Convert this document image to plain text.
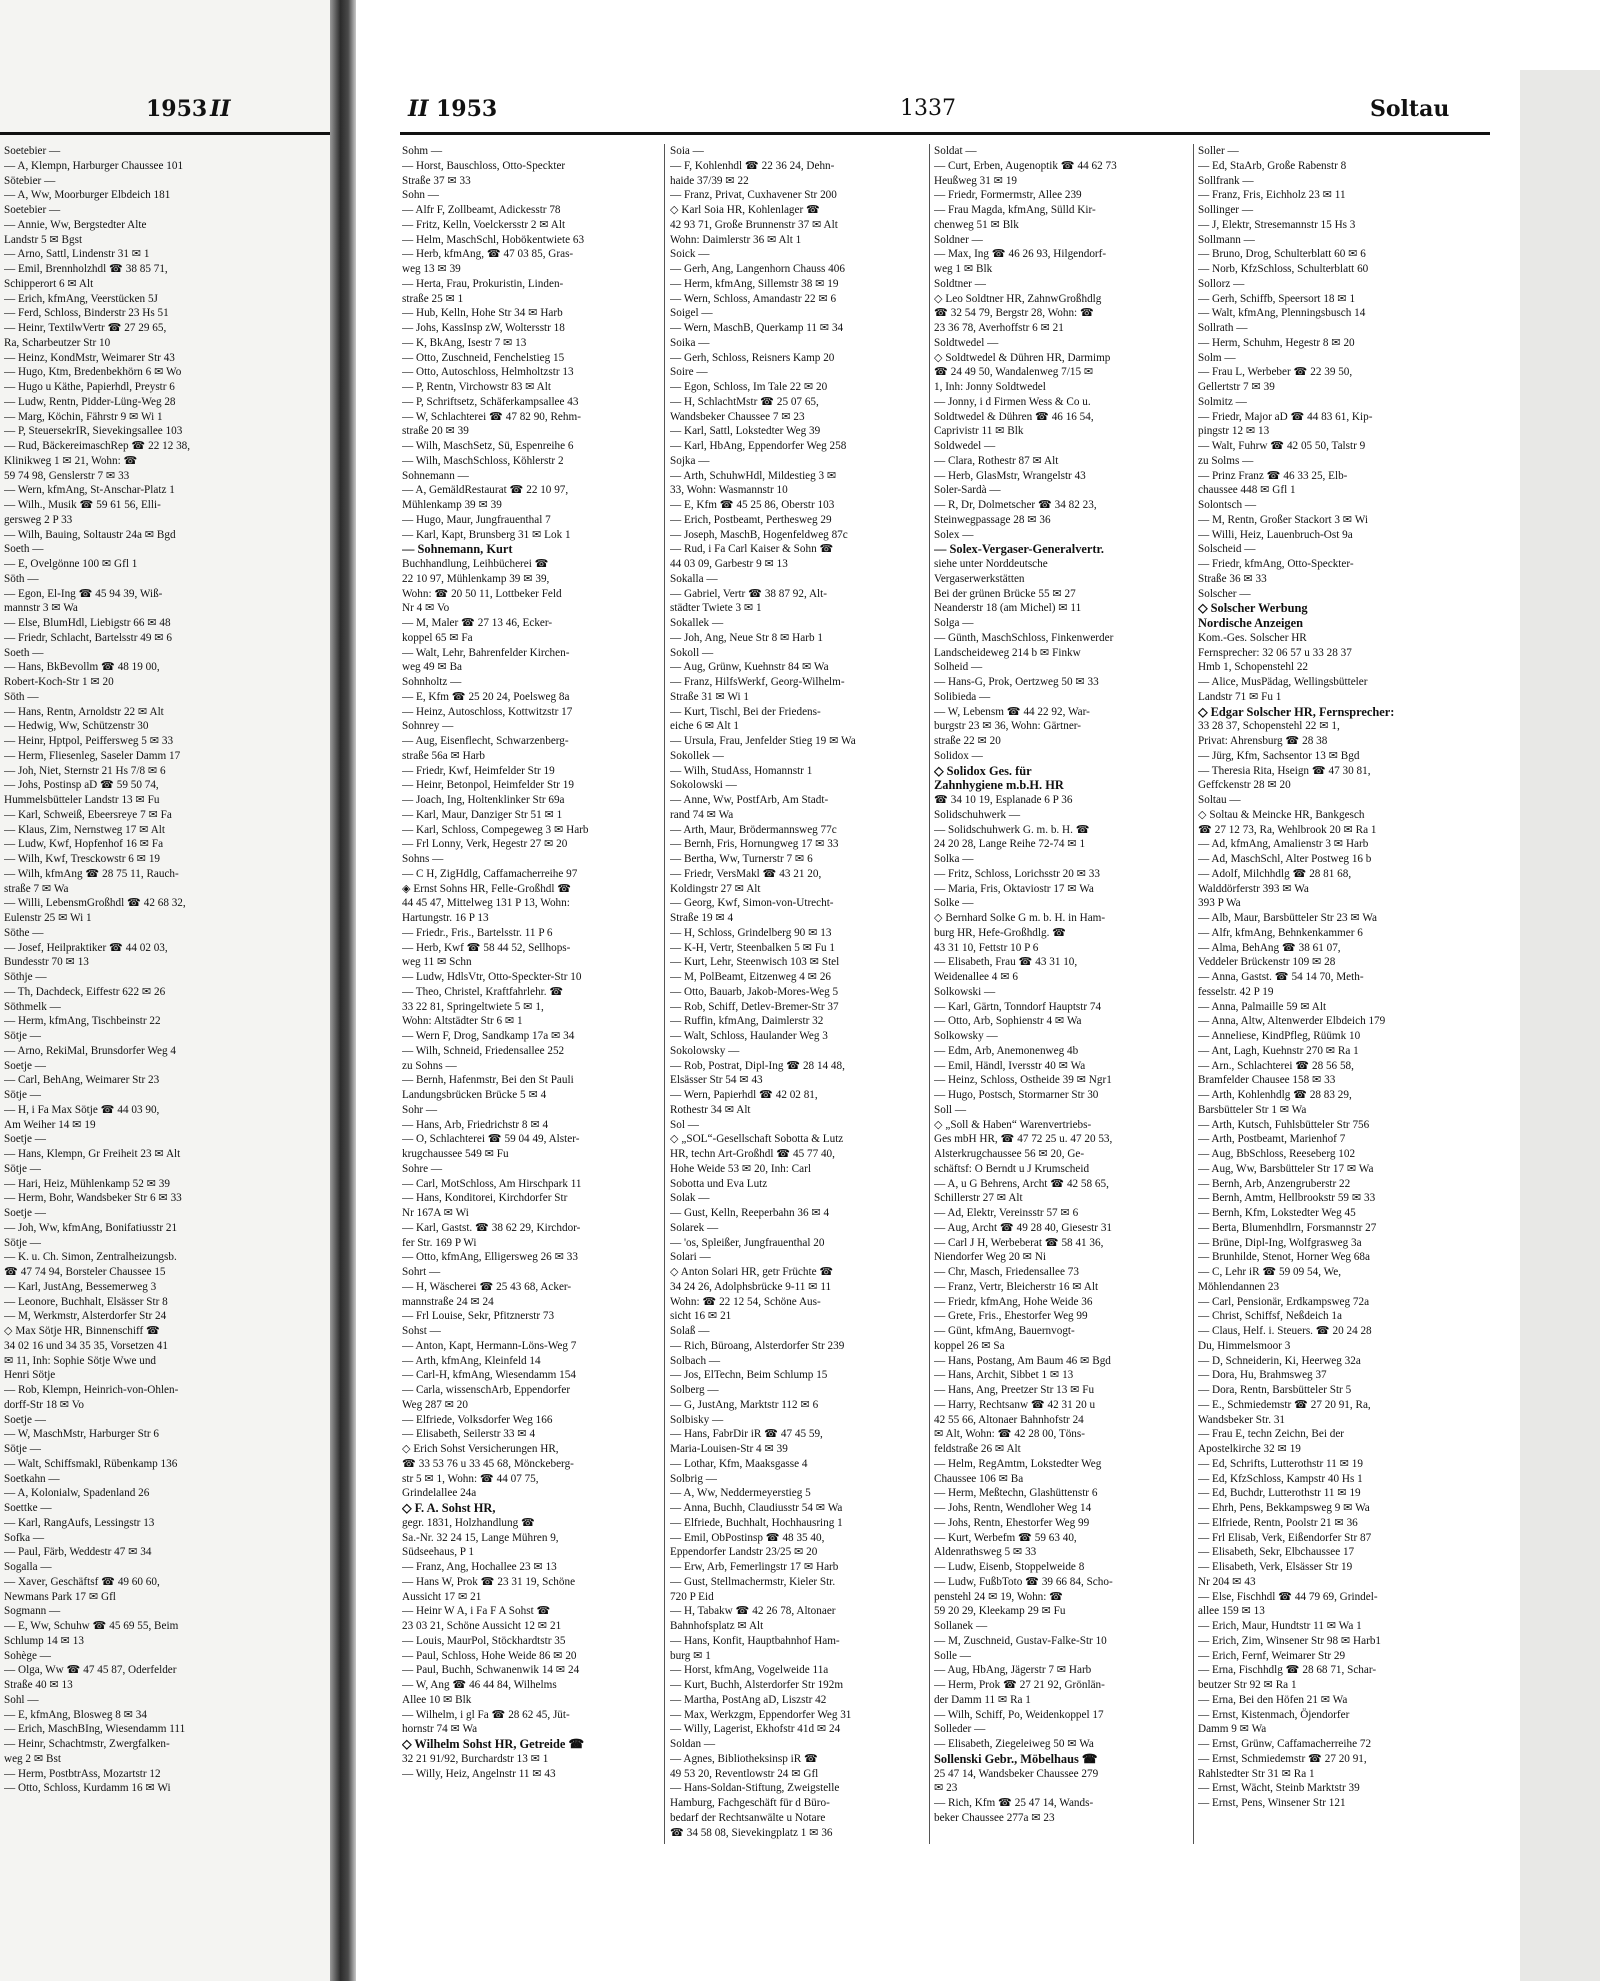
1953 II	II 1953	1337	Soltau
Soetebier —
— A, Klempn, Harburger Chaussee 101
Sötebier —
— A, Ww, Moorburger Elbdeich 181
Soetebier —
— Annie, Ww, Bergstedter Alte
Landstr 5 ✉ Bgst
— Arno, Sattl, Lindenstr 31 ✉ 1
— Emil, Brennholzhdl ☎ 38 85 71,
Schipperort 6 ✉ Alt
— Erich, kfmAng, Veerstücken 5J
— Ferd, Schloss, Binderstr 23 Hs 51
— Heinr, TextilwVertr ☎ 27 29 65,
Ra, Scharbeutzer Str 10
— Heinz, KondMstr, Weimarer Str 43
— Hugo, Ktm, Bredenbekhörn 6 ✉ Wo
— Hugo u Käthe, Papierhdl, Preystr 6
— Ludw, Rentn, Pidder-Lüng-Weg 28
— Marg, Köchin, Fährstr 9 ✉ Wi 1
— P, SteuersekrIR, Sievekingsallee 103
— Rud, BäckereimaschRep ☎ 22 12 38,
Klinikweg 1 ✉ 21, Wohn: ☎
59 74 98, Genslerstr 7 ✉ 33
— Wern, kfmAng, St-Anschar-Platz 1
— Wilh., Musik ☎ 59 61 56, Elli-
gersweg 2 P 33
— Wilh, Bauing, Soltaustr 24a ✉ Bgd
Soeth —
— E, Ovelgönne 100 ✉ Gfl 1
Söth —
— Egon, El-Ing ☎ 45 94 39, Wiß-
mannstr 3 ✉ Wa
— Else, BlumHdl, Liebigstr 66 ✉ 48
— Friedr, Schlacht, Bartelsstr 49 ✉ 6
Soeth —
— Hans, BkBevollm ☎ 48 19 00,
Robert-Koch-Str 1 ✉ 20
Söth —
— Hans, Rentn, Arnoldstr 22 ✉ Alt
— Hedwig, Ww, Schützenstr 30
— Heinr, Hptpol, Peiffersweg 5 ✉ 33
— Herm, Fliesenleg, Saseler Damm 17
— Joh, Niet, Sternstr 21 Hs 7/8 ✉ 6
— Johs, Postinsp aD ☎ 59 50 74,
Hummelsbütteler Landstr 13 ✉ Fu
— Karl, Schweiß, Ebeersreye 7 ✉ Fa
— Klaus, Zim, Nernstweg 17 ✉ Alt
— Ludw, Kwf, Hopfenhof 16 ✉ Fa
— Wilh, Kwf, Tresckowstr 6 ✉ 19
— Wilh, kfmAng ☎ 28 75 11, Rauch-
straße 7 ✉ Wa
— Willi, LebensmGroßhdl ☎ 42 68 32,
Eulenstr 25 ✉ Wi 1
Söthe —
— Josef, Heilpraktiker ☎ 44 02 03,
Bundesstr 70 ✉ 13
Söthje —
— Th, Dachdeck, Eiffestr 622 ✉ 26
Söthmelk —
— Herm, kfmAng, Tischbeinstr 22
Sötje —
— Arno, RekiMal, Brunsdorfer Weg 4
Soetje —
— Carl, BehAng, Weimarer Str 23
Sötje —
— H, i Fa Max Sötje ☎ 44 03 90,
Am Weiher 14 ✉ 19
Soetje —
— Hans, Klempn, Gr Freiheit 23 ✉ Alt
Sötje —
— Hari, Heiz, Mühlenkamp 52 ✉ 39
— Herm, Bohr, Wandsbeker Str 6 ✉ 33
Soetje —
— Joh, Ww, kfmAng, Bonifatiusstr 21
Sötje —
— K. u. Ch. Simon, Zentralheizungsb.
☎ 47 74 94, Borsteler Chaussee 15
— Karl, JustAng, Bessemerweg 3
— Leonore, Buchhalt, Elsässer Str 8
— M, Werkmstr, Alsterdorfer Str 24
◇ Max Sötje HR, Binnenschiff ☎
34 02 16 und 34 35 35, Vorsetzen 41
✉ 11, Inh: Sophie Sötje Wwe und
Henri Sötje
— Rob, Klempn, Heinrich-von-Ohlen-
dorff-Str 18 ✉ Vo
Soetje —
— W, MaschMstr, Harburger Str 6
Sötje —
— Walt, Schiffsmakl, Rübenkamp 136
Soetkahn —
— A, Kolonialw, Spadenland 26
Soettke —
— Karl, RangAufs, Lessingstr 13
Sofka —
— Paul, Färb, Weddestr 47 ✉ 34
Sogalla —
— Xaver, Geschäftsf ☎ 49 60 60,
Newmans Park 17 ✉ Gfl
Sogmann —
— E, Ww, Schuhw ☎ 45 69 55, Beim
Schlump 14 ✉ 13
Sohège —
— Olga, Ww ☎ 47 45 87, Oderfelder
Straße 40 ✉ 13
Sohl —
— E, kfmAng, Blosweg 8 ✉ 34
— Erich, MaschBIng, Wiesendamm 111
— Heinr, Schachtmstr, Zwergfalken-
weg 2 ✉ Bst
— Herm, PostbtrAss, Mozartstr 12
— Otto, Schloss, Kurdamm 16 ✉ Wi
Sohm —
— Horst, Bauschloss, Otto-Speckter
Straße 37 ✉ 33
Sohn —
— Alfr F, Zollbeamt, Adickesstr 78
— Fritz, Kelln, Voelckersstr 2 ✉ Alt
— Helm, MaschSchl, Hobökentwiete 63
— Herb, kfmAng, ☎ 47 03 85, Gras-
weg 13 ✉ 39
— Herta, Frau, Prokuristin, Linden-
straße 25 ✉ 1
— Hub, Kelln, Hohe Str 34 ✉ Harb
— Johs, KassInsp zW, Woltersstr 18
— K, BkAng, Isestr 7 ✉ 13
— Otto, Zuschneid, Fenchelstieg 15
— Otto, Autoschloss, Helmholtzstr 13
— P, Rentn, Virchowstr 83 ✉ Alt
— P, Schriftsetz, Schäferkampsallee 43
— W, Schlachterei ☎ 47 82 90, Rehm-
straße 20 ✉ 39
— Wilh, MaschSetz, Sü, Espenreihe 6
— Wilh, MaschSchloss, Köhlerstr 2
Sohnemann —
— A, GemäldRestaurat ☎ 22 10 97,
Mühlenkamp 39 ✉ 39
— Hugo, Maur, Jungfrauenthal 7
— Karl, Kapt, Brunsberg 31 ✉ Lok 1
— Sohnemann, Kurt
Buchhandlung, Leihbücherei ☎
22 10 97, Mühlenkamp 39 ✉ 39,
Wohn: ☎ 20 50 11, Lottbeker Feld
Nr 4 ✉ Vo
— M, Maler ☎ 27 13 46, Ecker-
koppel 65 ✉ Fa
— Walt, Lehr, Bahrenfelder Kirchen-
weg 49 ✉ Ba
Sohnholtz —
— E, Kfm ☎ 25 20 24, Poelsweg 8a
— Heinz, Autoschloss, Kottwitzstr 17
Sohnrey —
— Aug, Eisenflecht, Schwarzenberg-
straße 56a ✉ Harb
— Friedr, Kwf, Heimfelder Str 19
— Heinr, Betonpol, Heimfelder Str 19
— Joach, Ing, Holtenklinker Str 69a
— Karl, Maur, Danziger Str 51 ✉ 1
— Karl, Schloss, Compegeweg 3 ✉ Harb
— Frl Lonny, Verk, Hegestr 27 ✉ 20
Sohns —
— C H, ZigHdlg, Caffamacherreihe 97
◈ Ernst Sohns HR, Felle-Großhdl ☎
44 45 47, Mittelweg 131 P 13, Wohn:
Hartungstr. 16 P 13
— Friedr., Fris., Bartelsstr. 11 P 6
— Herb, Kwf ☎ 58 44 52, Sellhops-
weg 11 ✉ Schn
— Ludw, HdlsVtr, Otto-Speckter-Str 10
— Theo, Christel, Kraftfahrlehr. ☎
33 22 81, Springeltwiete 5 ✉ 1,
Wohn: Altstädter Str 6 ✉ 1
— Wern F, Drog, Sandkamp 17a ✉ 34
— Wilh, Schneid, Friedensallee 252
zu Sohns —
— Bernh, Hafenmstr, Bei den St Pauli
Landungsbrücken Brücke 5 ✉ 4
Sohr —
— Hans, Arb, Friedrichstr 8 ✉ 4
— O, Schlachterei ☎ 59 04 49, Alster-
krugchaussee 549 ✉ Fu
Sohre —
— Carl, MotSchloss, Am Hirschpark 11
— Hans, Konditorei, Kirchdorfer Str
Nr 167A ✉ Wi
— Karl, Gastst. ☎ 38 62 29, Kirchdor-
fer Str. 169 P Wi
— Otto, kfmAng, Elligersweg 26 ✉ 33
Sohrt —
— H, Wäscherei ☎ 25 43 68, Acker-
mannstraße 24 ✉ 24
— Frl Louise, Sekr, Pfitznerstr 73
Sohst —
— Anton, Kapt, Hermann-Löns-Weg 7
— Arth, kfmAng, Kleinfeld 14
— Carl-H, kfmAng, Wiesendamm 154
— Carla, wissenschArb, Eppendorfer
Weg 287 ✉ 20
— Elfriede, Volksdorfer Weg 166
— Elisabeth, Seilerstr 33 ✉ 4
◇ Erich Sohst Versicherungen HR,
☎ 33 53 76 u 33 45 68, Mönckeberg-
str 5 ✉ 1, Wohn: ☎ 44 07 75,
Grindelallee 24a
◇ F. A. Sohst HR,
gegr. 1831, Holzhandlung ☎
Sa.-Nr. 32 24 15, Lange Mühren 9,
Südseehaus, P 1
— Franz, Ang, Hochallee 23 ✉ 13
— Hans W, Prok ☎ 23 31 19, Schöne
Aussicht 17 ✉ 21
— Heinr W A, i Fa F A Sohst ☎
23 03 21, Schöne Aussicht 12 ✉ 21
— Louis, MaurPol, Stöckhardtstr 35
— Paul, Schloss, Hohe Weide 86 ✉ 20
— Paul, Buchh, Schwanenwik 14 ✉ 24
— W, Ang ☎ 46 44 84, Wilhelms
Allee 10 ✉ Blk
— Wilhelm, i gl Fa ☎ 28 62 45, Jüt-
hornstr 74 ✉ Wa
◇ Wilhelm Sohst HR, Getreide ☎
32 21 91/92, Burchardstr 13 ✉ 1
— Willy, Heiz, Angelnstr 11 ✉ 43
Soia —
— F, Kohlenhdl ☎ 22 36 24, Dehn-
haide 37/39 ✉ 22
— Franz, Privat, Cuxhavener Str 200
◇ Karl Soia HR, Kohlenlager ☎
42 93 71, Große Brunnenstr 37 ✉ Alt
Wohn: Daimlerstr 36 ✉ Alt 1
Soick —
— Gerh, Ang, Langenhorn Chauss 406
— Herm, kfmAng, Sillemstr 38 ✉ 19
— Wern, Schloss, Amandastr 22 ✉ 6
Soigel —
— Wern, MaschB, Querkamp 11 ✉ 34
Soika —
— Gerh, Schloss, Reisners Kamp 20
Soire —
— Egon, Schloss, Im Tale 22 ✉ 20
— H, SchlachtMstr ☎ 25 07 65,
Wandsbeker Chaussee 7 ✉ 23
— Karl, Sattl, Lokstedter Weg 39
— Karl, HbAng, Eppendorfer Weg 258
Sojka —
— Arth, SchuhwHdl, Mildestieg 3 ✉
33, Wohn: Wasmannstr 10
— E, Kfm ☎ 45 25 86, Oberstr 103
— Erich, Postbeamt, Perthesweg 29
— Joseph, MaschB, Hogenfeldweg 87c
— Rud, i Fa Carl Kaiser & Sohn ☎
44 03 09, Garbestr 9 ✉ 13
Sokalla —
— Gabriel, Vertr ☎ 38 87 92, Alt-
städter Twiete 3 ✉ 1
Sokallek —
— Joh, Ang, Neue Str 8 ✉ Harb 1
Sokoll —
— Aug, Grünw, Kuehnstr 84 ✉ Wa
— Franz, HilfsWerkf, Georg-Wilhelm-
Straße 31 ✉ Wi 1
— Kurt, Tischl, Bei der Friedens-
eiche 6 ✉ Alt 1
— Ursula, Frau, Jenfelder Stieg 19 ✉ Wa
Sokollek —
— Wilh, StudAss, Homannstr 1
Sokolowski —
— Anne, Ww, PostfArb, Am Stadt-
rand 74 ✉ Wa
— Arth, Maur, Brödermannsweg 77c
— Bernh, Fris, Hornungweg 17 ✉ 33
— Bertha, Ww, Turnerstr 7 ✉ 6
— Friedr, VersMakl ☎ 43 21 20,
Koldingstr 27 ✉ Alt
— Georg, Kwf, Simon-von-Utrecht-
Straße 19 ✉ 4
— H, Schloss, Grindelberg 90 ✉ 13
— K-H, Vertr, Steenbalken 5 ✉ Fu 1
— Kurt, Lehr, Steenwisch 103 ✉ Stel
— M, PolBeamt, Eitzenweg 4 ✉ 26
— Otto, Bauarb, Jakob-Mores-Weg 5
— Rob, Schiff, Detlev-Bremer-Str 37
— Ruffin, kfmAng, Daimlerstr 32
— Walt, Schloss, Haulander Weg 3
Sokolowsky —
— Rob, Postrat, Dipl-Ing ☎ 28 14 48,
Elsässer Str 54 ✉ 43
— Wern, Papierhdl ☎ 42 02 81,
Rothestr 34 ✉ Alt
Sol —
◇ „SOL“-Gesellschaft Sobotta & Lutz
HR, techn Art-Großhdl ☎ 45 77 40,
Hohe Weide 53 ✉ 20, Inh: Carl
Sobotta und Eva Lutz
Solak —
— Gust, Kelln, Reeperbahn 36 ✉ 4
Solarek —
— 'os, Spleißer, Jungfrauenthal 20
Solari —
◇ Anton Solari HR, getr Früchte ☎
34 24 26, Adolphsbrücke 9-11 ✉ 11
Wohn: ☎ 22 12 54, Schöne Aus-
sicht 16 ✉ 21
Solaß —
— Rich, Büroang, Alsterdorfer Str 239
Solbach —
— Jos, ElTechn, Beim Schlump 15
Solberg —
— G, JustAng, Marktstr 112 ✉ 6
Solbisky —
— Hans, FabrDir iR ☎ 47 45 59,
Maria-Louisen-Str 4 ✉ 39
— Lothar, Kfm, Maaksgasse 4
Solbrig —
— A, Ww, Neddermeyerstieg 5
— Anna, Buchh, Claudiusstr 54 ✉ Wa
— Elfriede, Buchhalt, Hochhausring 1
— Emil, ObPostinsp ☎ 48 35 40,
Eppendorfer Landstr 23/25 ✉ 20
— Erw, Arb, Femerlingstr 17 ✉ Harb
— Gust, Stellmachermstr, Kieler Str.
720 P Eid
— H, Tabakw ☎ 42 26 78, Altonaer
Bahnhofsplatz ✉ Alt
— Hans, Konfit, Hauptbahnhof Ham-
burg ✉ 1
— Horst, kfmAng, Vogelweide 11a
— Kurt, Buchh, Alsterdorfer Str 192m
— Martha, PostAng aD, Liszstr 42
— Max, Werkzgm, Eppendorfer Weg 31
— Willy, Lagerist, Ekhofstr 41d ✉ 24
Soldan —
— Agnes, Bibliotheksinsp iR ☎
49 53 20, Reventlowstr 24 ✉ Gfl
— Hans-Soldan-Stiftung, Zweigstelle
Hamburg, Fachgeschäft für d Büro-
bedarf der Rechtsanwälte u Notare
☎ 34 58 08, Sievekingplatz 1 ✉ 36
Soldat —
— Curt, Erben, Augenoptik ☎ 44 62 73
Heußweg 31 ✉ 19
— Friedr, Formermstr, Allee 239
— Frau Magda, kfmAng, Sülld Kir-
chenweg 51 ✉ Blk
Soldner —
— Max, Ing ☎ 46 26 93, Hilgendorf-
weg 1 ✉ Blk
Soldtner —
◇ Leo Soldtner HR, ZahnwGroßhdlg
☎ 32 54 79, Bergstr 28, Wohn: ☎
23 36 78, Averhoffstr 6 ✉ 21
Soldtwedel —
◇ Soldtwedel & Dühren HR, Darmimp
☎ 24 49 50, Wandalenweg 7/15 ✉
1, Inh: Jonny Soldtwedel
— Jonny, i d Firmen Wess & Co u.
Soldtwedel & Dühren ☎ 46 16 54,
Caprivistr 11 ✉ Blk
Soldwedel —
— Clara, Rothestr 87 ✉ Alt
— Herb, GlasMstr, Wrangelstr 43
Soler-Sardà —
— R, Dr, Dolmetscher ☎ 34 82 23,
Steinwegpassage 28 ✉ 36
Solex —
— Solex-Vergaser-Generalvertr.
siehe unter Norddeutsche
Vergaserwerkstätten
Bei der grünen Brücke 55 ✉ 27
Neanderstr 18 (am Michel) ✉ 11
Solga —
— Günth, MaschSchloss, Finkenwerder
Landscheideweg 214 b ✉ Finkw
Solheid —
— Hans-G, Prok, Oertzweg 50 ✉ 33
Solibieda —
— W, Lebensm ☎ 44 22 92, War-
burgstr 23 ✉ 36, Wohn: Gärtner-
straße 22 ✉ 20
Solidox —
◇ Solidox Ges. für
Zahnhygiene m.b.H. HR
☎ 34 10 19, Esplanade 6 P 36
Solidschuhwerk —
— Solidschuhwerk G. m. b. H. ☎
24 20 28, Lange Reihe 72-74 ✉ 1
Solka —
— Fritz, Schloss, Lorichsstr 20 ✉ 33
— Maria, Fris, Oktaviostr 17 ✉ Wa
Solke —
◇ Bernhard Solke G m. b. H. in Ham-
burg HR, Hefe-Großhdlg. ☎
43 31 10, Fettstr 10 P 6
— Elisabeth, Frau ☎ 43 31 10,
Weidenallee 4 ✉ 6
Solkowski —
— Karl, Gärtn, Tonndorf Hauptstr 74
— Otto, Arb, Sophienstr 4 ✉ Wa
Solkowsky —
— Edm, Arb, Anemonenweg 4b
— Emil, Händl, Iversstr 40 ✉ Wa
— Heinz, Schloss, Ostheide 39 ✉ Ngr1
— Hugo, Postsch, Stormarner Str 30
Soll —
◇ „Soll & Haben“ Warenvertriebs-
Ges mbH HR, ☎ 47 72 25 u. 47 20 53,
Alsterkrugchaussee 56 ✉ 20, Ge-
schäftsf: O Berndt u J Krumscheid
— A, u G Behrens, Archt ☎ 42 58 65,
Schillerstr 27 ✉ Alt
— Ad, Elektr, Vereinsstr 57 ✉ 6
— Aug, Archt ☎ 49 28 40, Giesestr 31
— Carl J H, Werbeberat ☎ 58 41 36,
Niendorfer Weg 20 ✉ Ni
— Chr, Masch, Friedensallee 73
— Franz, Vertr, Bleicherstr 16 ✉ Alt
— Friedr, kfmAng, Hohe Weide 36
— Grete, Fris., Ehestorfer Weg 99
— Günt, kfmAng, Bauernvogt-
koppel 26 ✉ Sa
— Hans, Postang, Am Baum 46 ✉ Bgd
— Hans, Archit, Sibbet 1 ✉ 13
— Hans, Ang, Preetzer Str 13 ✉ Fu
— Harry, Rechtsanw ☎ 42 31 20 u
42 55 66, Altonaer Bahnhofstr 24
✉ Alt, Wohn: ☎ 42 28 00, Töns-
feldstraße 26 ✉ Alt
— Helm, RegAmtm, Lokstedter Weg
Chaussee 106 ✉ Ba
— Herm, Meßtechn, Glashüttenstr 6
— Johs, Rentn, Wendloher Weg 14
— Johs, Rentn, Ehestorfer Weg 99
— Kurt, Werbefm ☎ 59 63 40,
Aldenrathsweg 5 ✉ 33
— Ludw, Eisenb, Stoppelweide 8
— Ludw, FußbToto ☎ 39 66 84, Scho-
penstehl 24 ✉ 19, Wohn: ☎
59 20 29, Kleekamp 29 ✉ Fu
Sollanek —
— M, Zuschneid, Gustav-Falke-Str 10
Solle —
— Aug, HbAng, Jägerstr 7 ✉ Harb
— Herm, Prok ☎ 27 21 92, Grönlän-
der Damm 11 ✉ Ra 1
— Wilh, Schiff, Po, Weidenkoppel 17
Solleder —
— Elisabeth, Ziegeleiweg 50 ✉ Wa
Sollenski Gebr., Möbelhaus ☎
25 47 14, Wandsbeker Chaussee 279
✉ 23
— Rich, Kfm ☎ 25 47 14, Wands-
beker Chaussee 277a ✉ 23
Soller —
— Ed, StaArb, Große Rabenstr 8
Sollfrank —
— Franz, Fris, Eichholz 23 ✉ 11
Sollinger —
— J, Elektr, Stresemannstr 15 Hs 3
Sollmann —
— Bruno, Drog, Schulterblatt 60 ✉ 6
— Norb, KfzSchloss, Schulterblatt 60
Sollorz —
— Gerh, Schiffb, Speersort 18 ✉ 1
— Walt, kfmAng, Plenningsbusch 14
Sollrath —
— Herm, Schuhm, Hegestr 8 ✉ 20
Solm —
— Frau L, Werbeber ☎ 22 39 50,
Gellertstr 7 ✉ 39
Solmitz —
— Friedr, Major aD ☎ 44 83 61, Kip-
pingstr 12 ✉ 13
— Walt, Fuhrw ☎ 42 05 50, Talstr 9
zu Solms —
— Prinz Franz ☎ 46 33 25, Elb-
chaussee 448 ✉ Gfl 1
Solontsch —
— M, Rentn, Großer Stackort 3 ✉ Wi
— Willi, Heiz, Lauenbruch-Ost 9a
Solscheid —
— Friedr, kfmAng, Otto-Speckter-
Straße 36 ✉ 33
Solscher —
◇ Solscher Werbung
Nordische Anzeigen
Kom.-Ges. Solscher HR
Fernsprecher: 32 06 57 u 33 28 37
Hmb 1, Schopenstehl 22
— Alice, MusPädag, Wellingsbütteler
Landstr 71 ✉ Fu 1
◇ Edgar Solscher HR, Fernsprecher:
33 28 37, Schopenstehl 22 ✉ 1,
Privat: Ahrensburg ☎ 28 38
— Jürg, Kfm, Sachsentor 13 ✉ Bgd
— Theresia Rita, Hseign ☎ 47 30 81,
Geffckenstr 28 ✉ 20
Soltau —
◇ Soltau & Meincke HR, Bankgesch
☎ 27 12 73, Ra, Wehlbrook 20 ✉ Ra 1
— Ad, kfmAng, Amalienstr 3 ✉ Harb
— Ad, MaschSchl, Alter Postweg 16 b
— Adolf, Milchhdlg ☎ 28 81 68,
Walddörferstr 393 ✉ Wa
393 P Wa
— Alb, Maur, Barsbütteler Str 23 ✉ Wa
— Alfr, kfmAng, Behnkenkammer 6
— Alma, BehAng ☎ 38 61 07,
Veddeler Brückenstr 109 ✉ 28
— Anna, Gastst. ☎ 54 14 70, Meth-
fesselstr. 42 P 19
— Anna, Palmaille 59 ✉ Alt
— Anna, Altw, Altenwerder Elbdeich 179
— Anneliese, KindPfleg, Rüümk 10
— Ant, Lagh, Kuehnstr 270 ✉ Ra 1
— Arn., Schlachterei ☎ 28 56 58,
Bramfelder Chausee 158 ✉ 33
— Arth, Kohlenhdlg ☎ 28 83 29,
Barsbütteler Str 1 ✉ Wa
— Arth, Kutsch, Fuhlsbütteler Str 756
— Arth, Postbeamt, Marienhof 7
— Aug, BbSchloss, Reeseberg 102
— Aug, Ww, Barsbütteler Str 17 ✉ Wa
— Bernh, Arb, Anzengruberstr 22
— Bernh, Amtm, Hellbrookstr 59 ✉ 33
— Bernh, Kfm, Lokstedter Weg 45
— Berta, Blumenhdlrn, Forsmannstr 27
— Brüne, Dipl-Ing, Wolfgrasweg 3a
— Brunhilde, Stenot, Horner Weg 68a
— C, Lehr iR ☎ 59 09 54, We,
Möhlendannen 23
— Carl, Pensionär, Erdkampsweg 72a
— Christ, Schiffsf, Neßdeich 1a
— Claus, Helf. i. Steuers. ☎ 20 24 28
Du, Himmelsmoor 3
— D, Schneiderin, Ki, Heerweg 32a
— Dora, Hu, Brahmsweg 37
— Dora, Rentn, Barsbütteler Str 5
— E., Schmiedemstr ☎ 27 20 91, Ra,
Wandsbeker Str. 31
— Frau E, techn Zeichn, Bei der
Apostelkirche 32 ✉ 19
— Ed, Schrifts, Lutterothstr 11 ✉ 19
— Ed, KfzSchloss, Kampstr 40 Hs 1
— Ed, Buchdr, Lutterothstr 11 ✉ 19
— Ehrh, Pens, Bekkampsweg 9 ✉ Wa
— Elfriede, Rentn, Poolstr 21 ✉ 36
— Frl Elisab, Verk, Eißendorfer Str 87
— Elisabeth, Sekr, Elbchaussee 17
— Elisabeth, Verk, Elsässer Str 19
Nr 204 ✉ 43
— Else, Fischhdl ☎ 44 79 69, Grindel-
allee 159 ✉ 13
— Erich, Maur, Hundtstr 11 ✉ Wa 1
— Erich, Zim, Winsener Str 98 ✉ Harb1
— Erich, Fernf, Weimarer Str 29
— Erna, Fischhdlg ☎ 28 68 71, Schar-
beutzer Str 92 ✉ Ra 1
— Erna, Bei den Höfen 21 ✉ Wa
— Ernst, Kistenmach, Öjendorfer
Damm 9 ✉ Wa
— Ernst, Grünw, Caffamacherreihe 72
— Ernst, Schmiedemstr ☎ 27 20 91,
Rahlstedter Str 31 ✉ Ra 1
— Ernst, Wächt, Steinb Marktstr 39
— Ernst, Pens, Winsener Str 121
